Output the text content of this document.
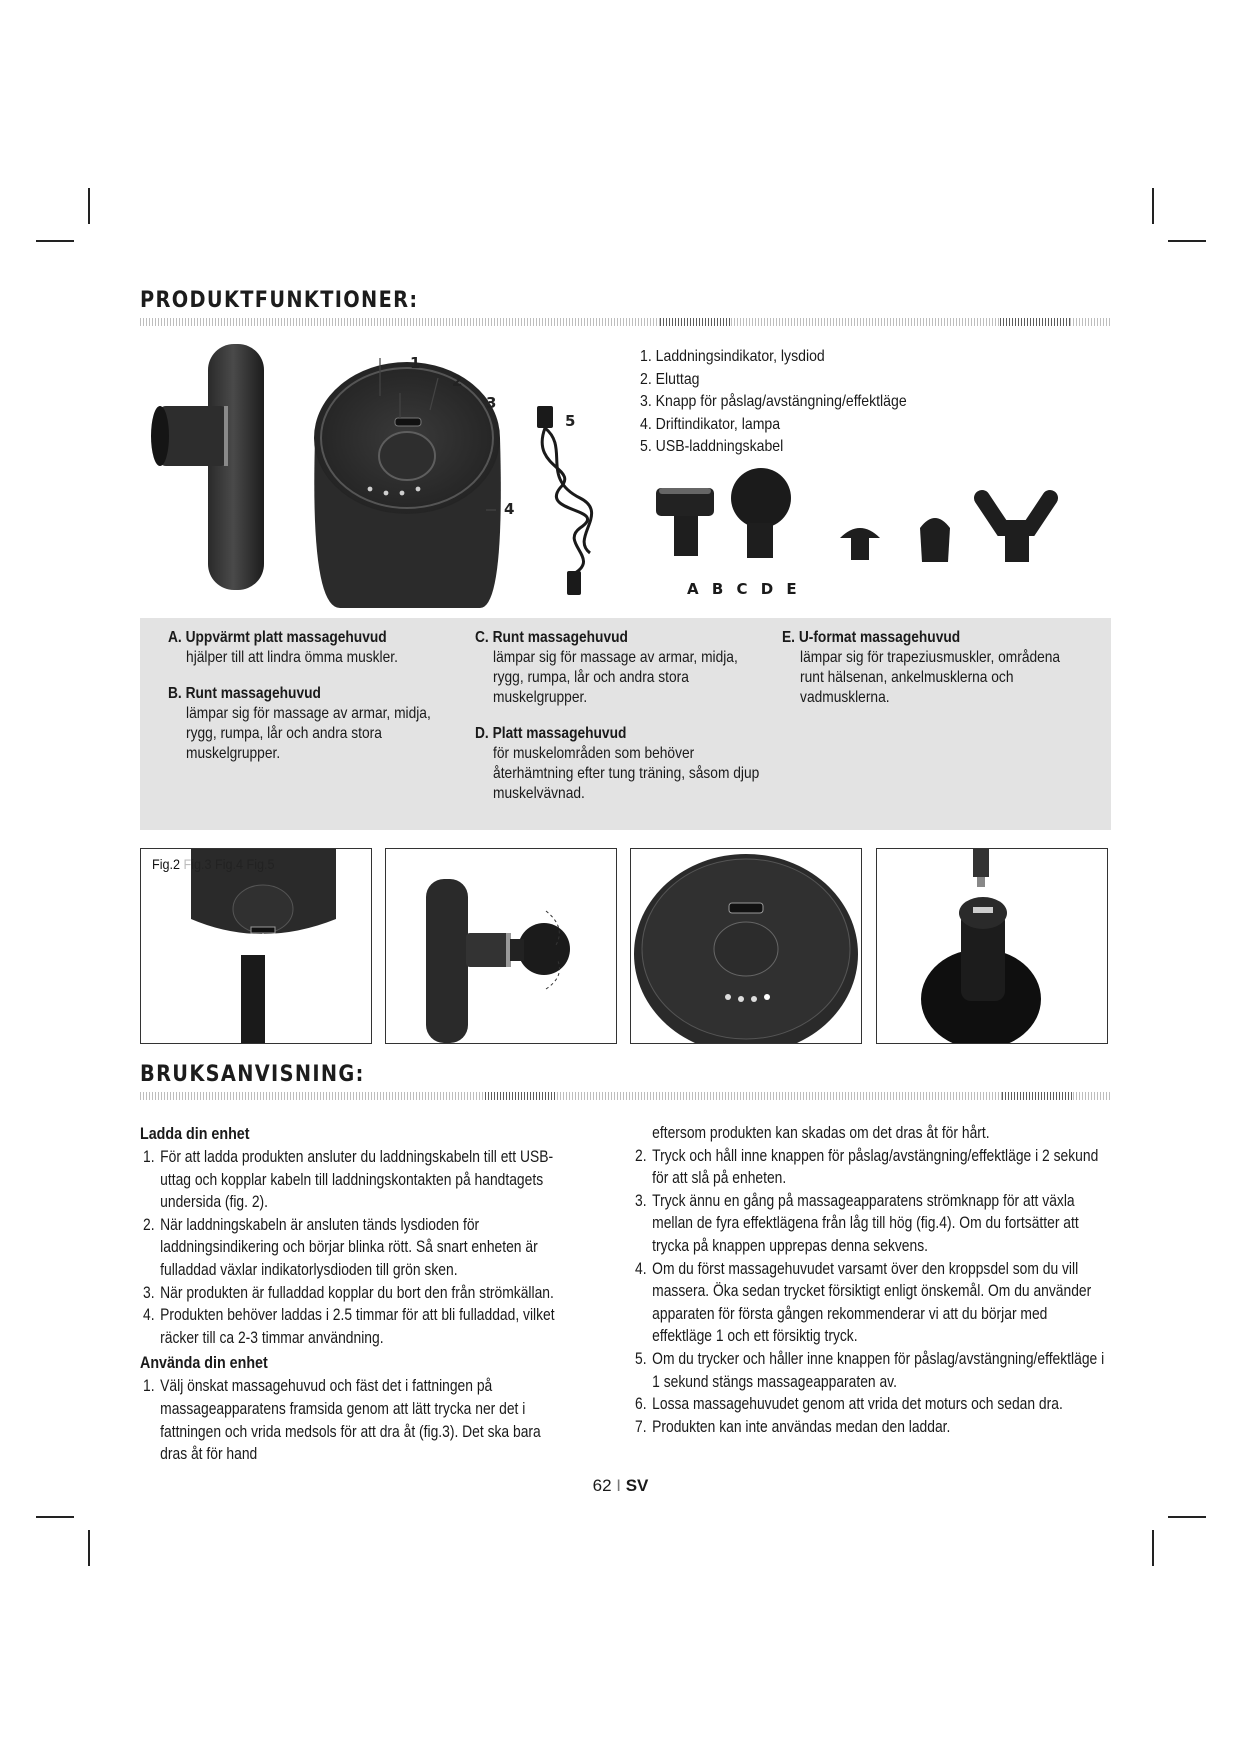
PRODUKTFUNKTIONER:
1
2
3
4
5
1. Laddningsindikator, lysdiod
2. Eluttag
3. Knapp för påslag/avstängning/effektläge
4. Driftindikator, lampa
5. USB-laddningskabel
A B C D E
A. Uppvärmt platt massagehuvud
hjälper till att lindra ömma muskler.
B. Runt massagehuvud
lämpar sig för massage av armar, midja, rygg, rumpa, lår och andra stora muskelgrupper.
C. Runt massagehuvud
lämpar sig för massage av armar, midja, rygg, rumpa, lår och andra stora muskelgrupper.
D. Platt massagehuvud
för muskelområden som behöver återhämtning efter tung träning, såsom djup muskelvävnad.
E. U-format massagehuvud
lämpar sig för trapeziusmuskler, områdena runt hälsenan, ankelmusklerna och vadmusklerna.
Fig.2 Fig.3 Fig.4 Fig.5
BRUKSANVISNING:
Ladda din enhet
1. För att ladda produkten ansluter du laddningskabeln till ett USB-uttag och kopplar kabeln till laddningskontakten på handtagets undersida (fig. 2).
2. När laddningskabeln är ansluten tänds lysdioden för laddningsindikering och börjar blinka rött. Så snart enheten är fulladdad växlar indikatorlysdioden till grön sken.
3. När produkten är fulladdad kopplar du bort den från strömkällan.
4. Produkten behöver laddas i 2.5 timmar för att bli fulladdad, vilket räcker till ca 2-3 timmar användning.
Använda din enhet
1. Välj önskat massagehuvud och fäst det i fattningen på massageapparatens framsida genom att lätt trycka ner det i fattningen och vrida medsols för att dra åt (fig.3). Det ska bara dras åt för hand
eftersom produkten kan skadas om det dras åt för hårt.
2. Tryck och håll inne knappen för påslag/avstängning/effektläge i 2 sekund för att slå på enheten.
3. Tryck ännu en gång på massageapparatens strömknapp för att växla mellan de fyra effektlägena från låg till hög (fig.4). Om du fortsätter att trycka på knappen upprepas denna sekvens.
4. Om du först massagehuvudet varsamt över den kroppsdel som du vill massera. Öka sedan trycket försiktigt enligt önskemål. Om du använder apparaten för första gången rekommenderar vi att du börjar med effektläge 1 och ett försiktig tryck.
5. Om du trycker och håller inne knappen för påslag/avstängning/effektläge i 1 sekund stängs massageapparaten av.
6. Lossa massagehuvudet genom att vrida det moturs och sedan dra.
7. Produkten kan inte användas medan den laddar.
62 I SV
